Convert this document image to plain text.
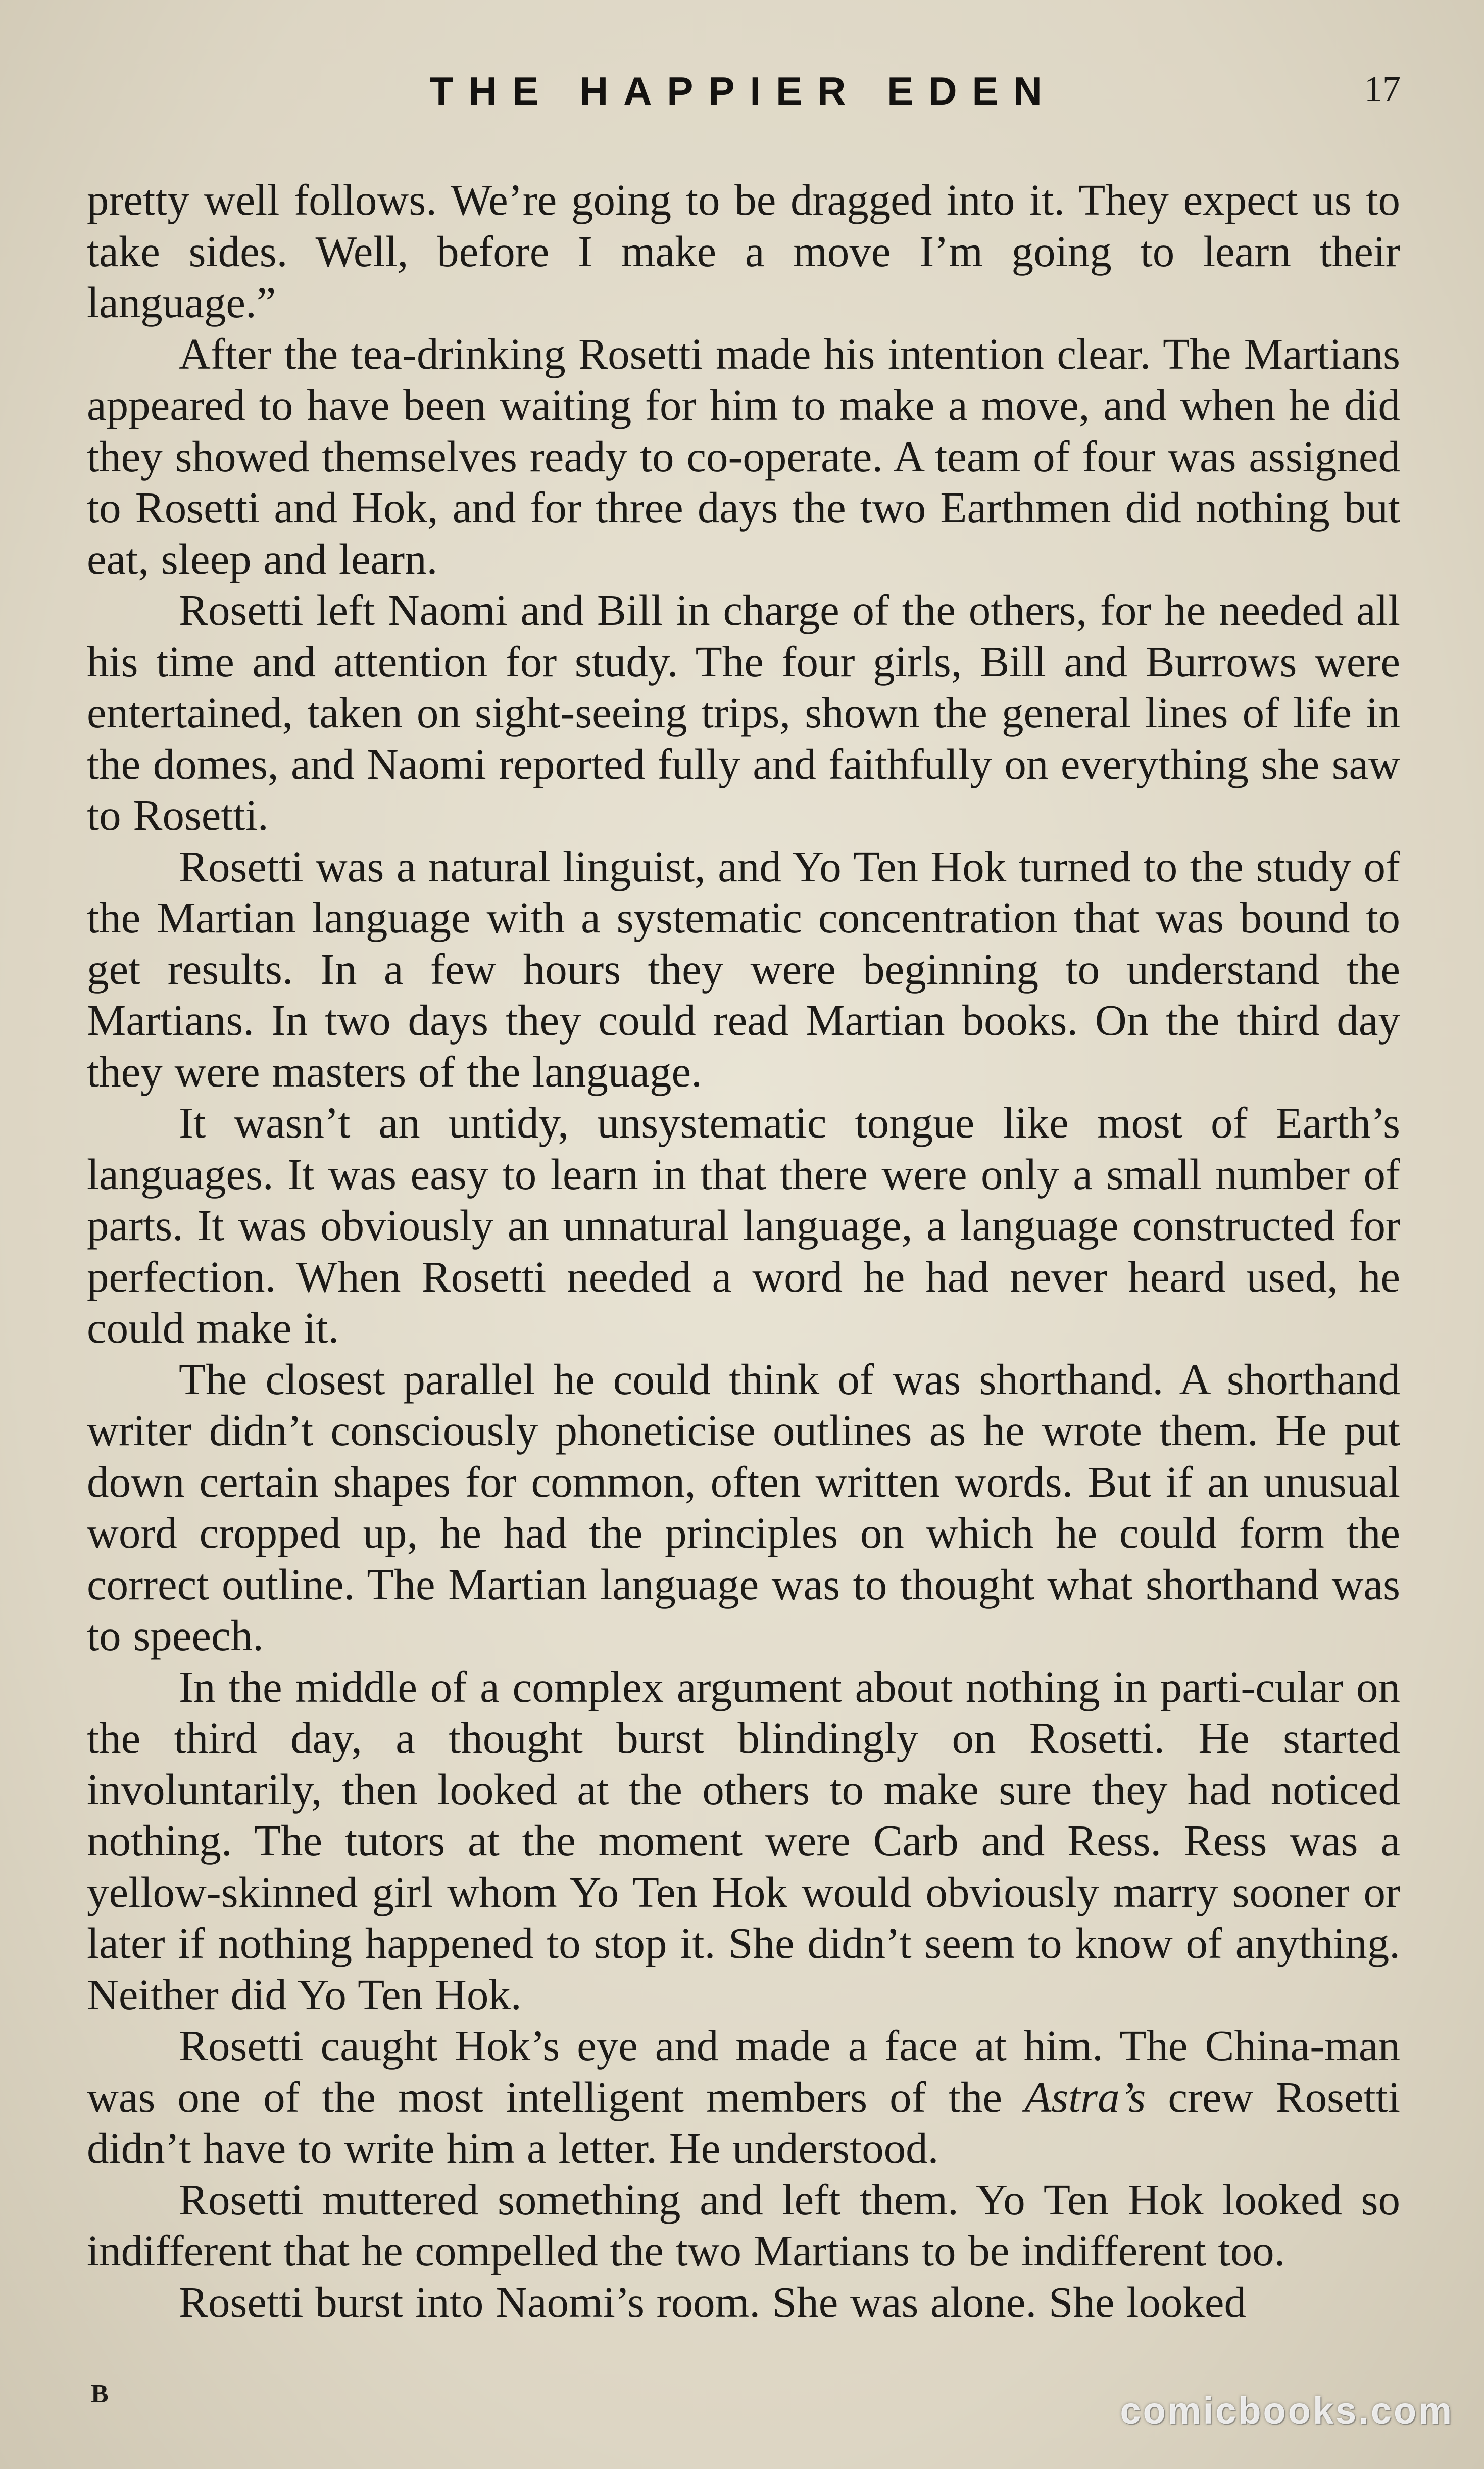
THE HAPPIER EDEN	17

pretty well follows. We’re going to be dragged into it. They expect us to take sides. Well, before I make a move I’m going to learn their language.”

After the tea-drinking Rosetti made his intention clear. The Martians appeared to have been waiting for him to make a move, and when he did they showed themselves ready to co-operate. A team of four was assigned to Rosetti and Hok, and for three days the two Earthmen did nothing but eat, sleep and learn.

Rosetti left Naomi and Bill in charge of the others, for he needed all his time and attention for study. The four girls, Bill and Burrows were entertained, taken on sight-seeing trips, shown the general lines of life in the domes, and Naomi reported fully and faithfully on everything she saw to Rosetti.

Rosetti was a natural linguist, and Yo Ten Hok turned to the study of the Martian language with a systematic concentration that was bound to get results. In a few hours they were beginning to understand the Martians. In two days they could read Martian books. On the third day they were masters of the language.

It wasn’t an untidy, unsystematic tongue like most of Earth’s languages. It was easy to learn in that there were only a small number of parts. It was obviously an unnatural language, a language constructed for perfection. When Rosetti needed a word he had never heard used, he could make it.

The closest parallel he could think of was shorthand. A shorthand writer didn’t consciously phoneticise outlines as he wrote them. He put down certain shapes for common, often written words. But if an unusual word cropped up, he had the principles on which he could form the correct outline. The Martian language was to thought what shorthand was to speech.

In the middle of a complex argument about nothing in parti-cular on the third day, a thought burst blindingly on Rosetti. He started involuntarily, then looked at the others to make sure they had noticed nothing. The tutors at the moment were Carb and Ress. Ress was a yellow-skinned girl whom Yo Ten Hok would obviously marry sooner or later if nothing happened to stop it. She didn’t seem to know of anything. Neither did Yo Ten Hok.

Rosetti caught Hok’s eye and made a face at him. The China-man was one of the most intelligent members of the Astra’s crew Rosetti didn’t have to write him a letter. He understood.

Rosetti muttered something and left them. Yo Ten Hok looked so indifferent that he compelled the two Martians to be indifferent too.

Rosetti burst into Naomi’s room. She was alone. She looked

B	comicbooks.com
